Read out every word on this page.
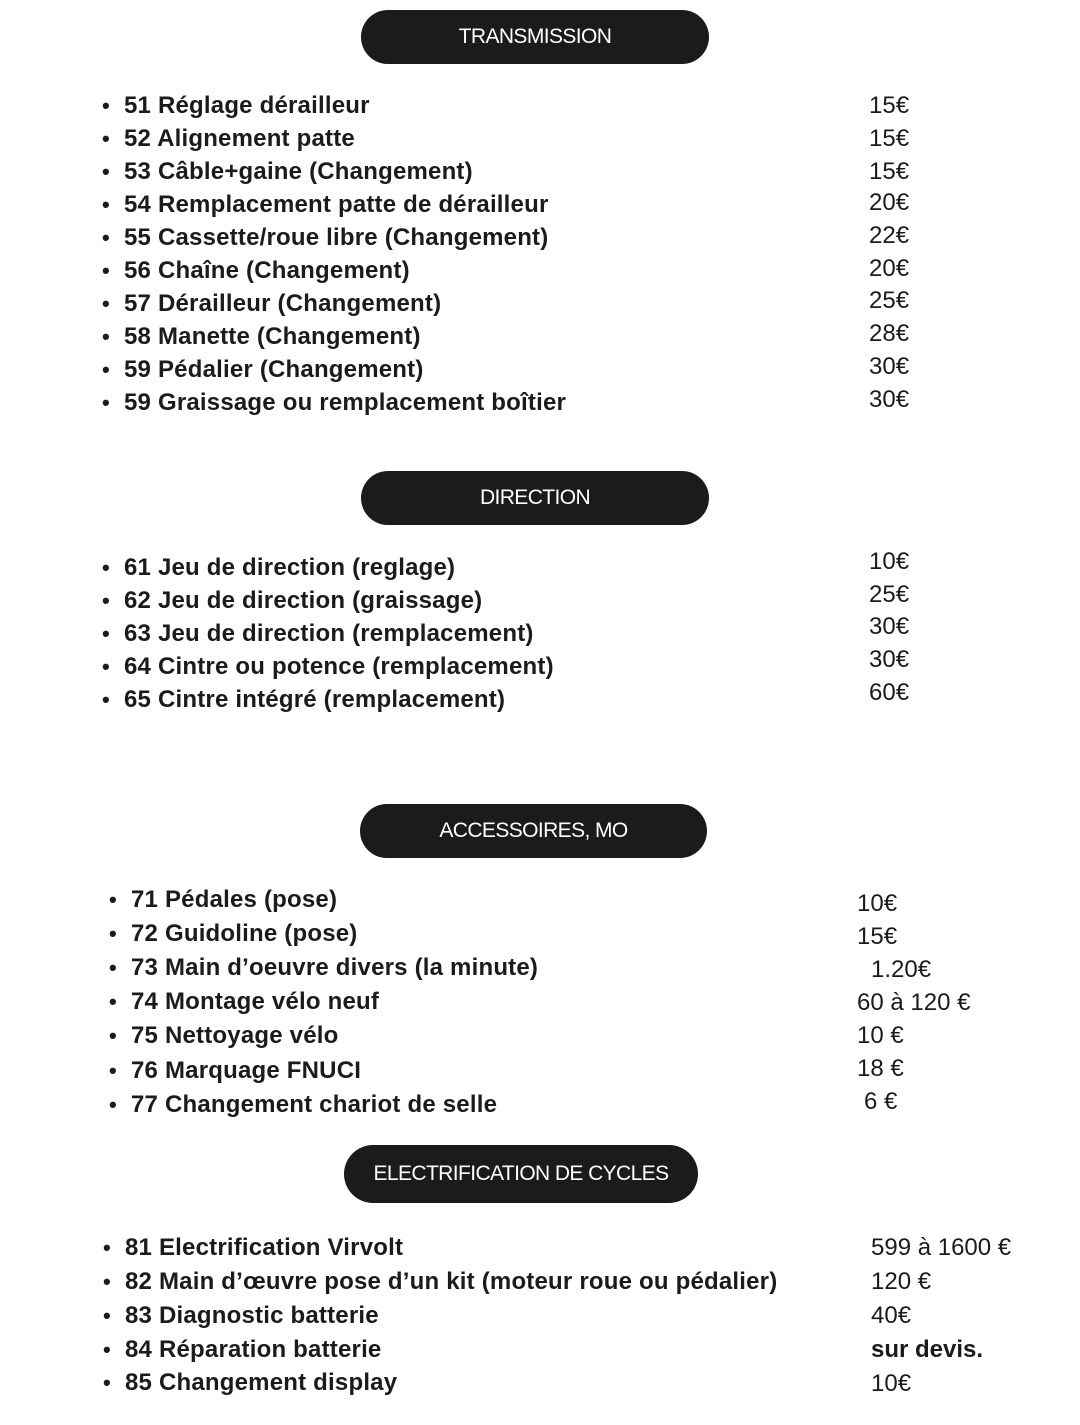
TRANSMISSION
• 51 Réglage dérailleur	15€
• 52 Alignement patte	15€
• 53 Câble+gaine (Changement)	15€
• 54 Remplacement patte de dérailleur	20€
• 55 Cassette/roue libre (Changement)	22€
• 56 Chaîne (Changement)	20€
• 57 Dérailleur (Changement)	25€
• 58 Manette (Changement)	28€
• 59 Pédalier (Changement)	30€
• 59 Graissage ou remplacement boîtier	30€
DIRECTION
• 61 Jeu de direction (reglage)	10€
• 62 Jeu de direction (graissage)	25€
• 63 Jeu de direction (remplacement)	30€
• 64 Cintre ou potence (remplacement)	30€
• 65 Cintre intégré (remplacement)	60€
ACCESSOIRES, MO
• 71 Pédales (pose)	10€
• 72 Guidoline (pose)	15€
• 73 Main d’oeuvre divers (la minute)	1.20€
• 74 Montage vélo neuf	60 à 120 €
• 75 Nettoyage vélo	10 €
• 76 Marquage FNUCI	18 €
• 77 Changement chariot de selle	6 €
ELECTRIFICATION DE CYCLES
• 81 Electrification Virvolt	599 à 1600 €
• 82 Main d’œuvre pose d’un kit (moteur roue ou pédalier)	120 €
• 83 Diagnostic batterie	40€
• 84 Réparation batterie	sur devis.
• 85 Changement display	10€
